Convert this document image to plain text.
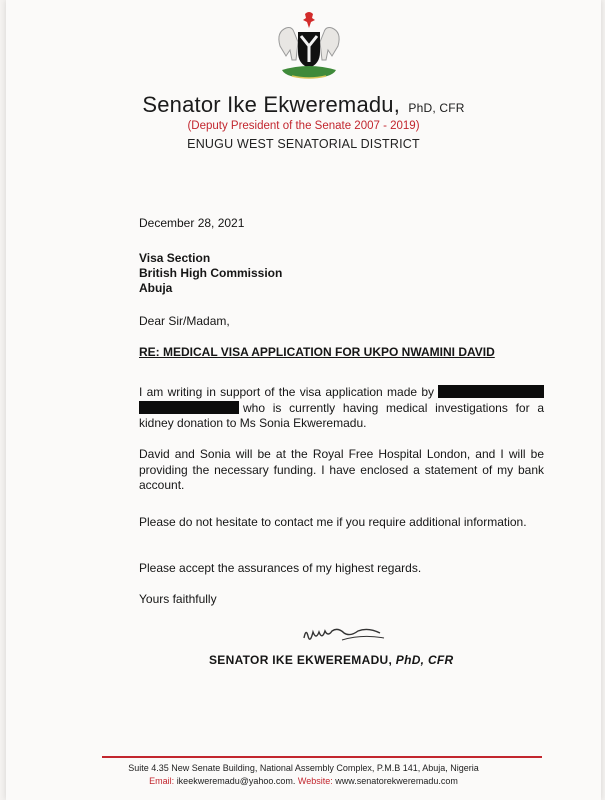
Senator Ike Ekweremadu, PhD, CFR
(Deputy President of the Senate 2007 - 2019)
ENUGU WEST SENATORIAL DISTRICT
December 28, 2021
Visa Section
British High Commission
Abuja
Dear Sir/Madam,
RE: MEDICAL VISA APPLICATION FOR UKPO NWAMINI DAVID
I am writing in support of the visa application made by who is currently having medical investigations for a kidney donation to Ms Sonia Ekweremadu.
David and Sonia will be at the Royal Free Hospital London, and I will be providing the necessary funding. I have enclosed a statement of my bank account.
Please do not hesitate to contact me if you require additional information.
Please accept the assurances of my highest regards.
Yours faithfully
SENATOR IKE EKWEREMADU, PhD, CFR
Suite 4.35 New Senate Building, National Assembly Complex, P.M.B 141, Abuja, Nigeria
Email: ikeekweremadu@yahoo.com. Website: www.senatorekweremadu.com
